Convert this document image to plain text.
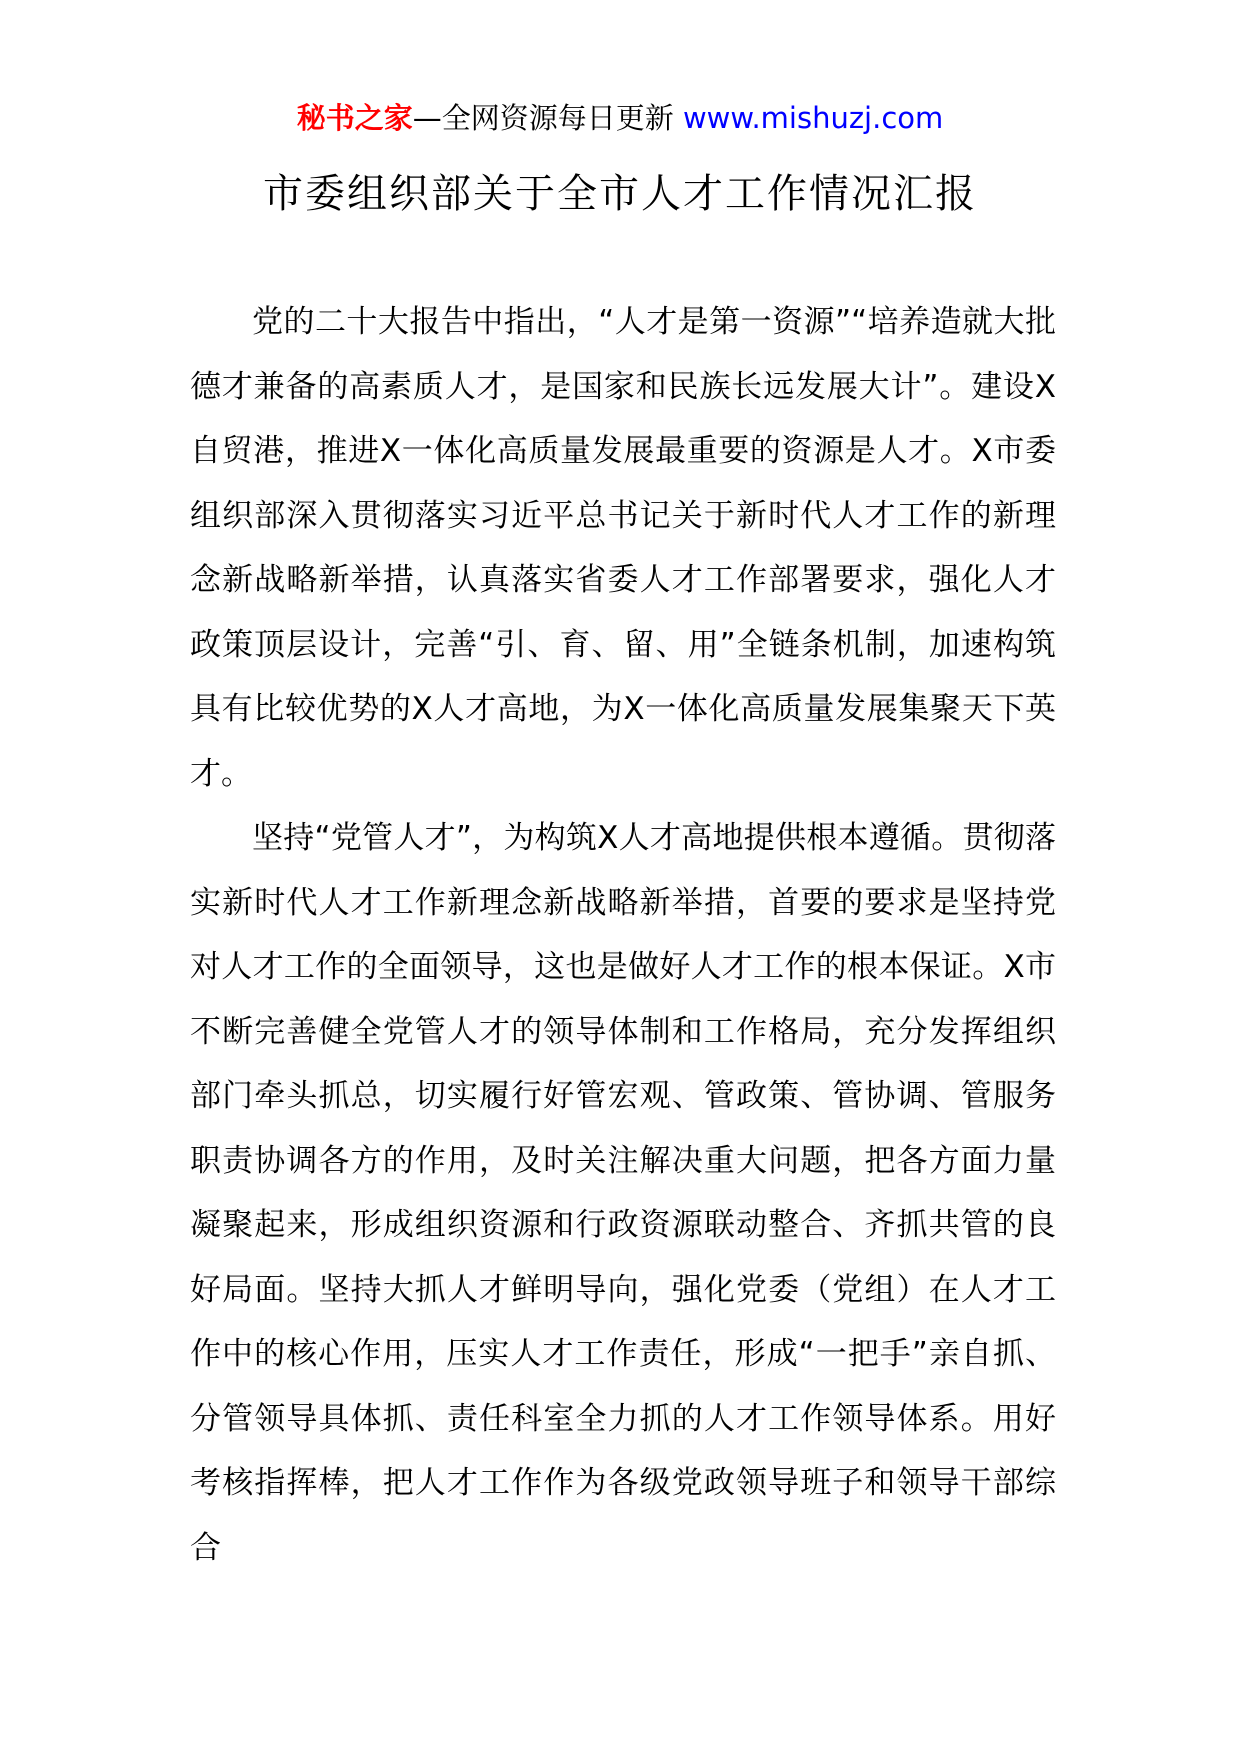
秘书之家—全网资源每日更新 www.mishuzj.com
市委组织部关于全市人才工作情况汇报

党的二十大报告中指出，“人才是第一资源”“培养造就大批德才兼备的高素质人才，是国家和民族长远发展大计”。建设X自贸港，推进X一体化高质量发展最重要的资源是人才。X市委组织部深入贯彻落实习近平总书记关于新时代人才工作的新理念新战略新举措，认真落实省委人才工作部署要求，强化人才政策顶层设计，完善“引、育、留、用”全链条机制，加速构筑具有比较优势的X人才高地，为X一体化高质量发展集聚天下英才。

坚持“党管人才”，为构筑X人才高地提供根本遵循。贯彻落实新时代人才工作新理念新战略新举措，首要的要求是坚持党对人才工作的全面领导，这也是做好人才工作的根本保证。X市不断完善健全党管人才的领导体制和工作格局，充分发挥组织部门牵头抓总，切实履行好管宏观、管政策、管协调、管服务职责协调各方的作用，及时关注解决重大问题，把各方面力量凝聚起来，形成组织资源和行政资源联动整合、齐抓共管的良好局面。坚持大抓人才鲜明导向，强化党委（党组）在人才工作中的核心作用，压实人才工作责任，形成“一把手”亲自抓、分管领导具体抓、责任科室全力抓的人才工作领导体系。用好考核指挥棒，把人才工作作为各级党政领导班子和领导干部综合
